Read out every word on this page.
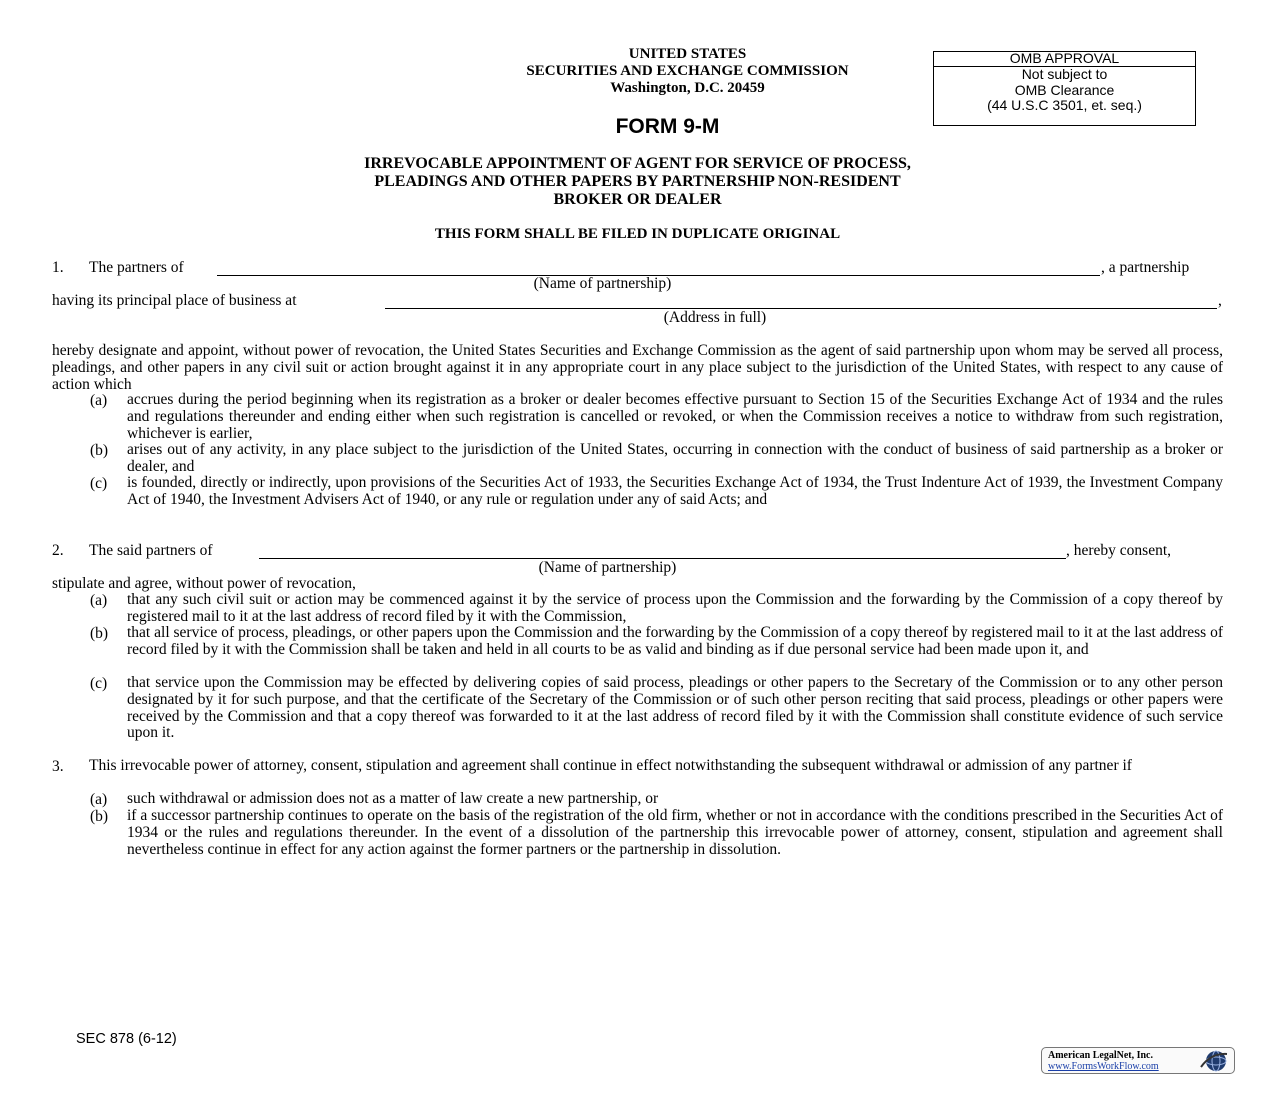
UNITED STATES
SECURITIES AND EXCHANGE COMMISSION
Washington, D.C. 20459
OMB APPROVAL
Not subject to
OMB Clearance
(44 U.S.C 3501, et. seq.)
FORM 9-M
IRREVOCABLE APPOINTMENT OF AGENT FOR SERVICE OF PROCESS,
PLEADINGS AND OTHER PAPERS BY PARTNERSHIP NON-RESIDENT
BROKER OR DEALER
THIS FORM SHALL BE FILED IN DUPLICATE ORIGINAL
1. The partners of	, a partnership
(Name of partnership)
having its principal place of business at	,
(Address in full)
hereby designate and appoint, without power of revocation, the United States Securities and Exchange Commission as the agent of said partnership upon whom may be served all process, pleadings, and other papers in any civil suit or action brought against it in any appropriate court in any place subject to the jurisdiction of the United States, with respect to any cause of action which
(a) accrues during the period beginning when its registration as a broker or dealer becomes effective pursuant to Section 15 of the Securities Exchange Act of 1934 and the rules and regulations thereunder and ending either when such registration is cancelled or revoked, or when the Commission receives a notice to withdraw from such registration, whichever is earlier,
(b) arises out of any activity, in any place subject to the jurisdiction of the United States, occurring in connection with the conduct of business of said partnership as a broker or dealer, and
(c) is founded, directly or indirectly, upon provisions of the Securities Act of 1933, the Securities Exchange Act of 1934, the Trust Indenture Act of 1939, the Investment Company Act of 1940, the Investment Advisers Act of 1940, or any rule or regulation under any of said Acts; and
2. The said partners of	, hereby consent,
(Name of partnership)
stipulate and agree, without power of revocation,
(a) that any such civil suit or action may be commenced against it by the service of process upon the Commission and the forwarding by the Commission of a copy thereof by registered mail to it at the last address of record filed by it with the Commission,
(b) that all service of process, pleadings, or other papers upon the Commission and the forwarding by the Commission of a copy thereof by registered mail to it at the last address of record filed by it with the Commission shall be taken and held in all courts to be as valid and binding as if due personal service had been made upon it, and
(c) that service upon the Commission may be effected by delivering copies of said process, pleadings or other papers to the Secretary of the Commission or to any other person designated by it for such purpose, and that the certificate of the Secretary of the Commission or of such other person reciting that said process, pleadings or other papers were received by the Commission and that a copy thereof was forwarded to it at the last address of record filed by it with the Commission shall constitute evidence of such service upon it.
3. This irrevocable power of attorney, consent, stipulation and agreement shall continue in effect notwithstanding the subsequent withdrawal or admission of any partner if
(a) such withdrawal or admission does not as a matter of law create a new partnership, or
(b) if a successor partnership continues to operate on the basis of the registration of the old firm, whether or not in accordance with the conditions prescribed in the Securities Act of 1934 or the rules and regulations thereunder. In the event of a dissolution of the partnership this irrevocable power of attorney, consent, stipulation and agreement shall nevertheless continue in effect for any action against the former partners or the partnership in dissolution.
SEC 878 (6-12)
American LegalNet, Inc.
www.FormsWorkFlow.com
